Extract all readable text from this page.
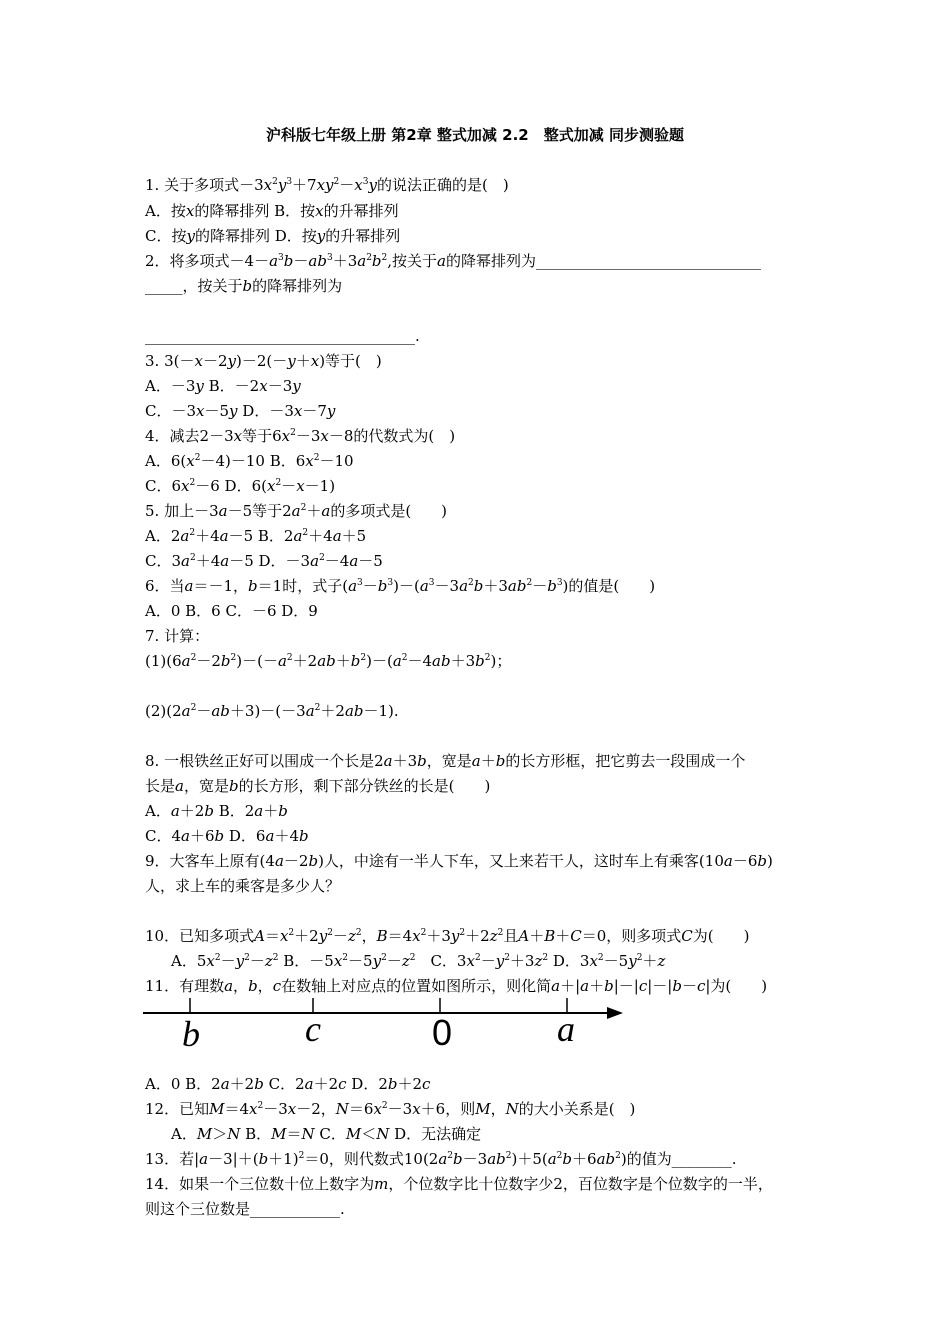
沪科版七年级上册 第2章 整式加减 2.2　整式加减 同步测验题
1. 关于多项式$-3x^2y^3+7xy^2-x^3y$的说法正确的是(　)
A．按x的降幂排列 B．按x的升幂排列
C．按y的降幂排列 D．按y的升幂排列
2．将多项式$-4-a^3b-ab^3+3a^2b^2$,按关于a的降幂排列为______________________________
_____，按关于b的降幂排列为
____________________________________.
3. 3(－x－2y)－2(－y＋x)等于(　)
A．－3y B．－2x－3y
C．－3x－5y D．－3x－7y
4．减去2－3x等于$6x^2-3x-8$的代数式为(　)
A．$6(x^2-4)-10$ B．$6x^2-10$
C．$6x^2-6$ D．$6(x^2-x-1)$
5. 加上－3a－5等于$2a^2+a$的多项式是(　　)
A．$2a^2+4a-5$ B．$2a^2+4a+5$
C．$3a^2+4a-5$ D．$-3a^2-4a-5$
6．当a＝－1，b＝1时，式子$(a^3-b^3)-(a^3-3a^2b+3ab^2-b^3)$的值是(　　)
A．0 B．6 C．－6 D．9
7. 计算：
$(1)(6a^2-2b^2)-(-a^2+2ab+b^2)-(a^2-4ab+3b^2)$；
$(2)(2a^2-ab+3)-(-3a^2+2ab-1)$.
8. 一根铁丝正好可以围成一个长是2a＋3b，宽是a＋b的长方形框，把它剪去一段围成一个
长是a，宽是b的长方形，剩下部分铁丝的长是(　　)
A．a＋2b B．2a＋b
C．4a＋6b D．6a＋4b
9．大客车上原有(4a－2b)人，中途有一半人下车，又上来若干人，这时车上有乘客(10a－6b)
人，求上车的乘客是多少人？
10．已知多项式$A=x^2+2y^2-z^2$，$B=4x^2+3y^2+2z^2$且A＋B＋C＝0，则多项式C为(　　)
A．$5x^2-y^2-z^2$ B．$-5x^2-5y^2-z^2$　C．$3x^2-y^2+3z^2$ D．$3x^2-5y^2+z$
11．有理数a，b，c在数轴上对应点的位置如图所示，则化简a＋|a＋b|－|c|－|b－c|为(　　)
b	c	0	a
A．0 B．2a＋2b C．2a＋2c D．2b＋2c
12．已知$M=4x^2-3x-2$，$N=6x^2-3x+6$，则M，N的大小关系是(　)
A．M＞N B．M＝N C．M＜N D．无法确定
13．若$|a-3|+(b+1)^2=0$，则代数式$10(2a^2b-3ab^2)+5(a^2b+6ab^2)$的值为________.
14．如果一个三位数十位上数字为m，个位数字比十位数字少2，百位数字是个位数字的一半，
则这个三位数是____________.
